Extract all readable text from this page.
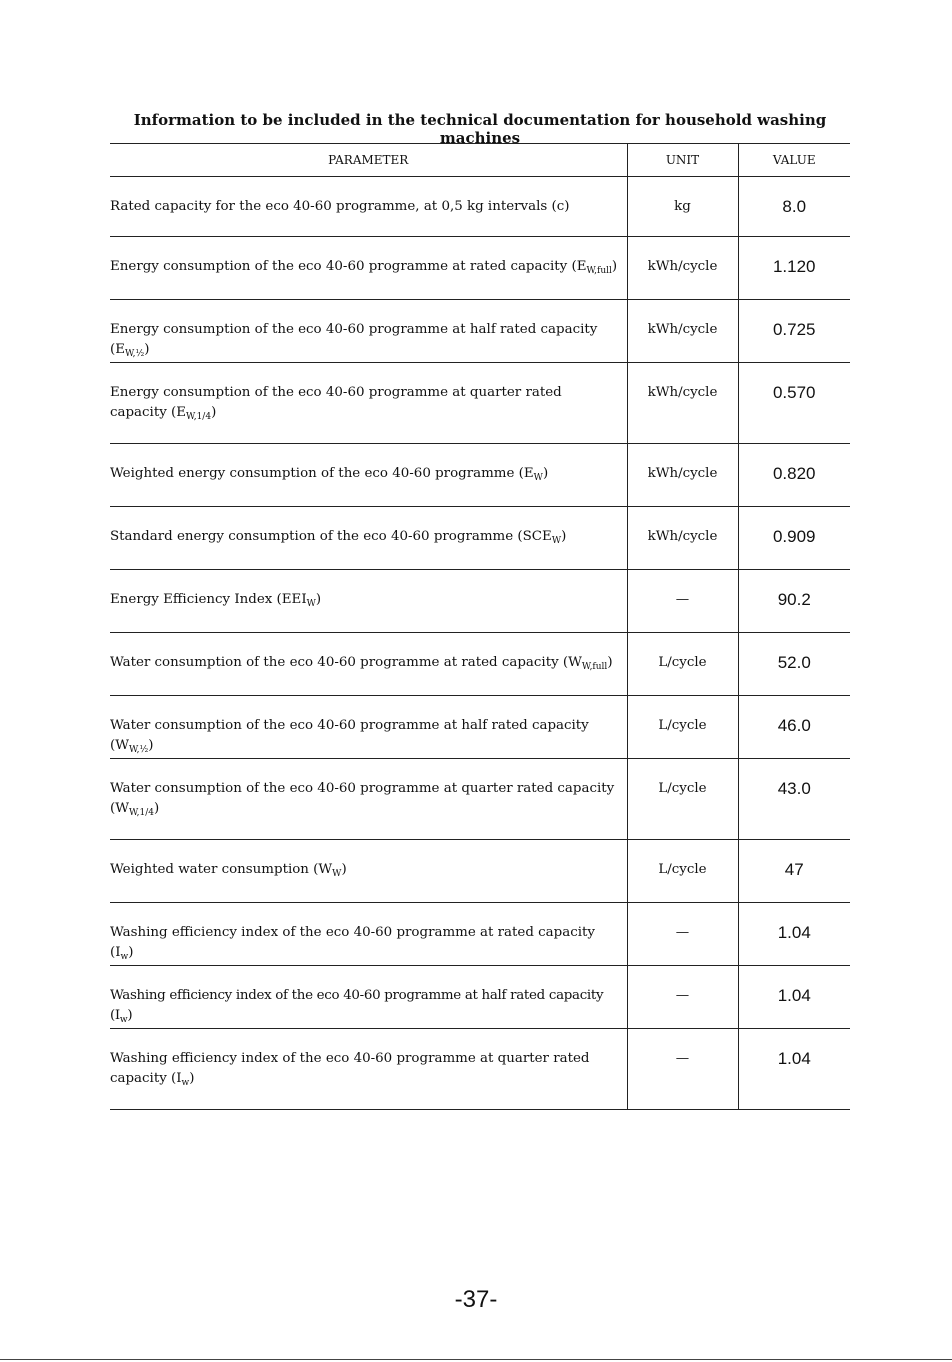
Information to be included in the technical documentation for household washing machines
PARAMETER	UNIT	VALUE
Rated capacity for the eco 40-60 programme, at 0,5 kg intervals (c)	kg	8.0
Energy consumption of the eco 40-60 programme at rated capacity $(E_{W,full})$	kWh/cycle	1.120
Energy consumption of the eco 40-60 programme at half rated capacity $(E_{W,\frac{1}{2}})$	kWh/cycle	0.725
Energy consumption of the eco 40-60 programme at quarter rated capacity $(E_{W,1/4})$	kWh/cycle	0.570
Weighted energy consumption of the eco 40-60 programme $(E_W)$	kWh/cycle	0.820
Standard energy consumption of the eco 40-60 programme $(SCE_W)$	kWh/cycle	0.909
Energy Efficiency Index $(EEI_W)$	—	90.2
Water consumption of the eco 40-60 programme at rated capacity $(W_{W,full})$	L/cycle	52.0
Water consumption of the eco 40-60 programme at half rated capacity $(W_{W,\frac{1}{2}})$	L/cycle	46.0
Water consumption of the eco 40-60 programme at quarter rated capacity $(W_{W,1/4})$	L/cycle	43.0
Weighted water consumption $(W_W)$	L/cycle	47
Washing efficiency index of the eco 40-60 programme at rated capacity $(I_w)$	—	1.04
Washing efficiency index of the eco 40-60 programme at half rated capacity $(I_w)$	—	1.04
Washing efficiency index of the eco 40-60 programme at quarter rated capacity $(I_w)$	—	1.04
-37-
